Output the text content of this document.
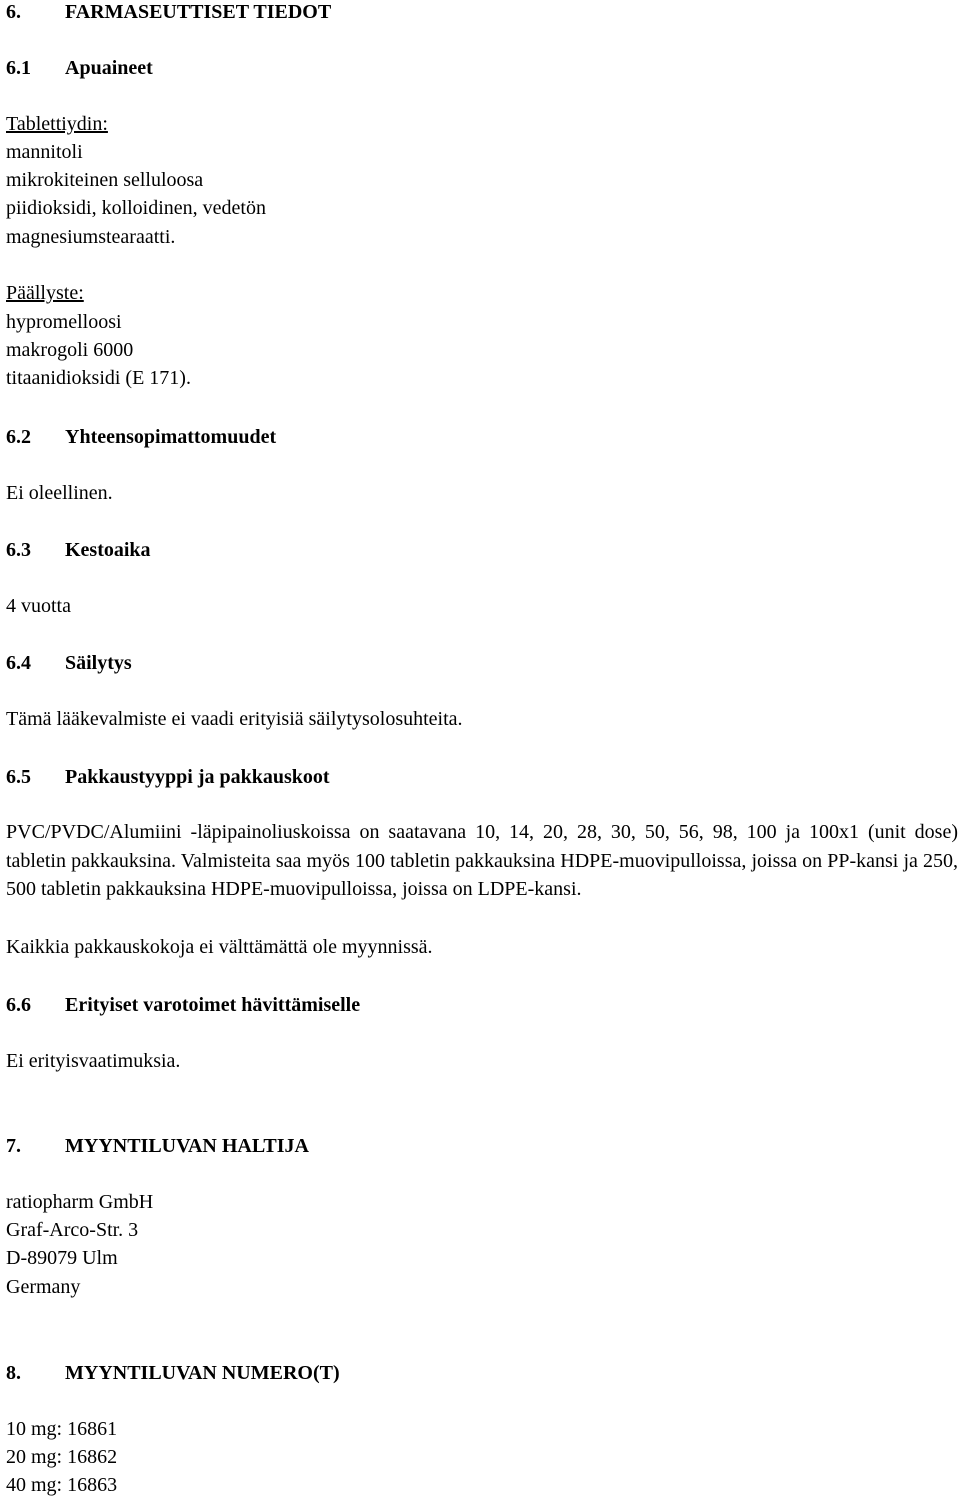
6. FARMASEUTTISET TIEDOT
6.1 Apuaineet
Tablettiydin:
mannitoli
mikrokiteinen selluloosa
piidioksidi, kolloidinen, vedetön
magnesiumstearaatti.
Päällyste:
hypromelloosi
makrogoli 6000
titaanidioksidi (E 171).
6.2 Yhteensopimattomuudet
Ei oleellinen.
6.3 Kestoaika
4 vuotta
6.4 Säilytys
Tämä lääkevalmiste ei vaadi erityisiä säilytysolosuhteita.
6.5 Pakkaustyyppi ja pakkauskoot

PVC/PVDC/Alumiini -läpipainoliuskoissa on saatavana 10, 14, 20, 28, 30, 50, 56, 98, 100 ja 100x1 (unit dose) tabletin pakkauksina. Valmisteita saa myös 100 tabletin pakkauksina HDPE-muovipulloissa, joissa on PP-kansi ja 250, 500 tabletin pakkauksina HDPE-muovipulloissa, joissa on LDPE-kansi.

Kaikkia pakkauskokoja ei välttämättä ole myynnissä.
6.6 Erityiset varotoimet hävittämiselle
Ei erityisvaatimuksia.
7. MYYNTILUVAN HALTIJA
ratiopharm GmbH
Graf-Arco-Str. 3
D-89079 Ulm
Germany
8. MYYNTILUVAN NUMERO(T)
10 mg: 16861
20 mg: 16862
40 mg: 16863
